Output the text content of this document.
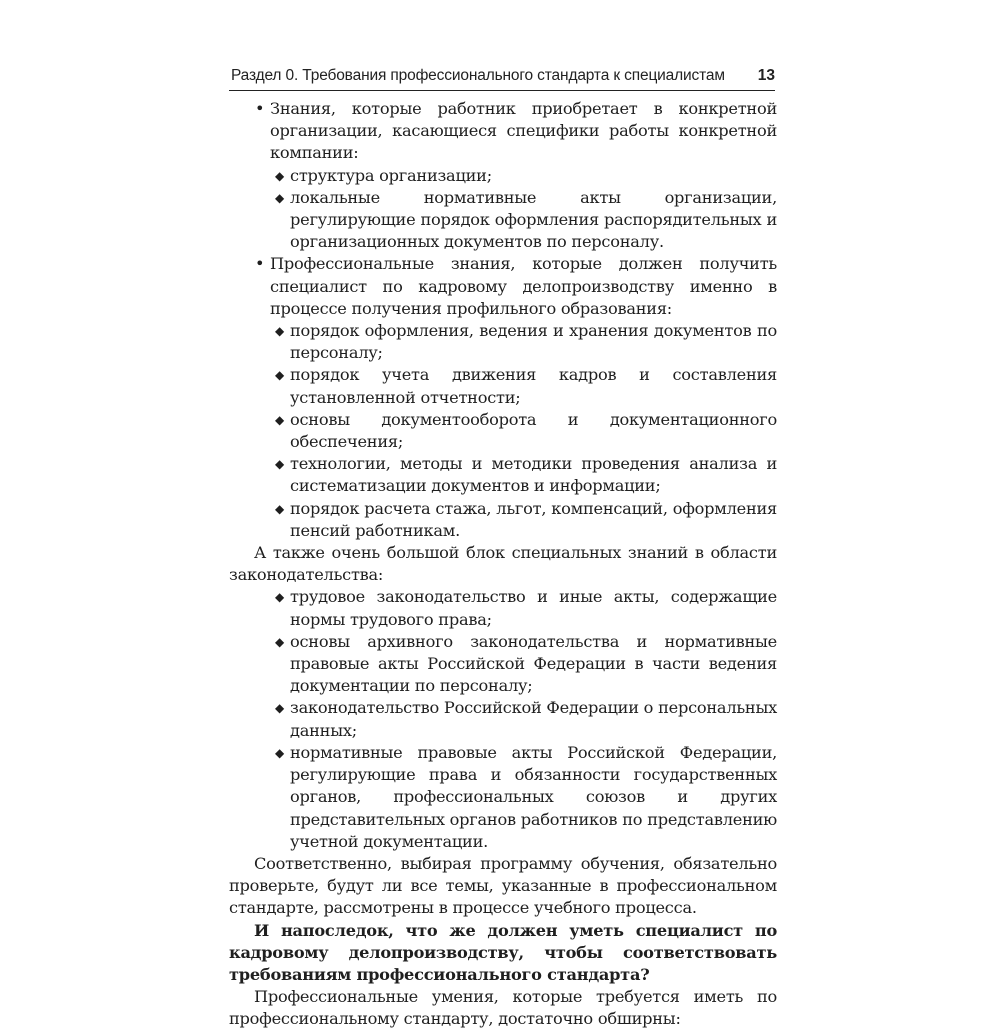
Раздел 0. Требования профессионального стандарта к специалистам 13
• Знания, которые работник приобретает в конкретной организации, касающиеся специфики работы конкретной компании:
◆
структура организации;
◆
локальные нормативные акты организации, регулирующие порядок оформления распорядительных и организационных документов по персоналу.
• Профессиональные знания, которые должен получить специалист по кадровому делопроизводству именно в процессе получения профильного образования:
◆
порядок оформления, ведения и хранения документов по персоналу;
◆
порядок учета движения кадров и составления установленной отчетности;
◆
основы документооборота и документационного обеспечения;
◆
технологии, методы и методики проведения анализа и систематизации документов и информации;
◆
порядок расчета стажа, льгот, компенсаций, оформления пенсий работникам.

А также очень большой блок специальных знаний в области законодательства:

◆
трудовое законодательство и иные акты, содержащие нормы трудового права;
◆
основы архивного законодательства и нормативные правовые акты Российской Федерации в части ведения документации по персоналу;
◆
законодательство Российской Федерации о персональных данных;
◆
нормативные правовые акты Российской Федерации, регулирующие права и обязанности государственных органов, профессиональных союзов и других представительных органов работников по представлению учетной документации.

Соответственно, выбирая программу обучения, обязательно проверьте, будут ли все темы, указанные в профессиональном стандарте, рассмотрены в процессе учебного процесса.

И напоследок, что же должен уметь специалист по кадровому делопроизводству, чтобы соответствовать требованиям профессионального стандарта?

Профессиональные умения, которые требуется иметь по профессиональному стандарту, достаточно обширны:
